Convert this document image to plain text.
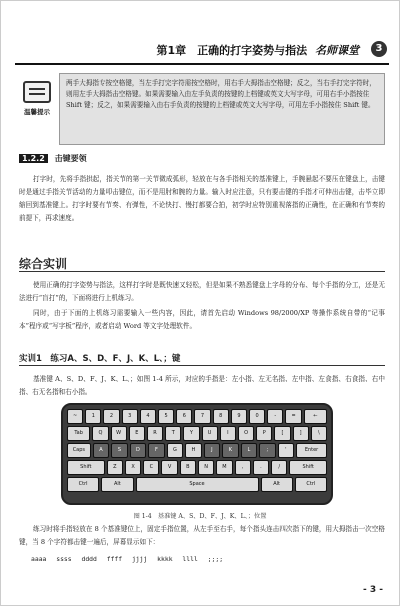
第1章　正确的打字姿势与指法 名师课堂	3
温馨提示
两手大拇指专按空格键，当左手打完字符需按空格时，用右手大拇指击空格键；反之，当右手打完字符时，则用左手大拇指击空格键。如果需要输入由左手负责的按键的上档键或英文大写字母，可用右手小指按住 Shift 键；反之，如果需要输入由右手负责的按键的上档键或英文大写字母，可用左手小指按住 Shift 键。
1.2.2 击键要领
打字时，先将手指拱起，指关节的第一关节微成弧形，轻放在与各手指相关的基准键上，手腕悬起不要压在键盘上，击键时是通过手指关节活动的力量叩击键位，而不是用肘和腕的力量。输入时应注意，只有要击键的手指才可伸出击键，击毕立即缩回到基准键上。打字时要有节奏、有弹性，不论快打、慢打都要合拍，初学时应特别重视落指的正确性，在正确和有节奏的前提下，再求速度。
综合实训
使用正确的打字姿势与指法，这样打字时是既快速又轻松，但是如果不熟悉键盘上字母的分布、每个手指的分工，还是无法进行“盲打”的，下面将进行上机练习。
同时，由于下面的上机练习需要输入一些内容，因此，请首先启动 Windows 98/2000/XP 等操作系统自带的“记事本”程序或“写字板”程序，或者启动 Word 等文字处理软件。
实训1　练习A、S、D、F、J、K、L、；键
基准键 A、S、D、F、J、K、L、；如图 1-4 所示，对应的手指是：左小指、左无名指、左中指、左食指、右食指、右中指、右无名指和右小指。
~	1	2	3	4	5	6	7	8	9	0	-	=	←
Tab	Q	W	E	R	T	Y	U	I	O	P	[	]	\
Caps	A	S	D	F	G	H	J	K	L	;	'	Enter
Shift	Z	X	C	V	B	N	M	,	.	/	Shift
Ctrl	Alt	Space	Alt	Ctrl
图 1-4　基准键 A、S、D、F、J、K、L、；位置
练习时将手指轻放在 8 个基准键位上，固定手指位置，从左手至右手，每个指头连击四次指下的键，用大拇指击一次空格键，当 8 个字符都击键一遍后，屏幕显示如下：
aaaa ssss dddd ffff jjjj kkkk llll ;;;;
- 3 -
